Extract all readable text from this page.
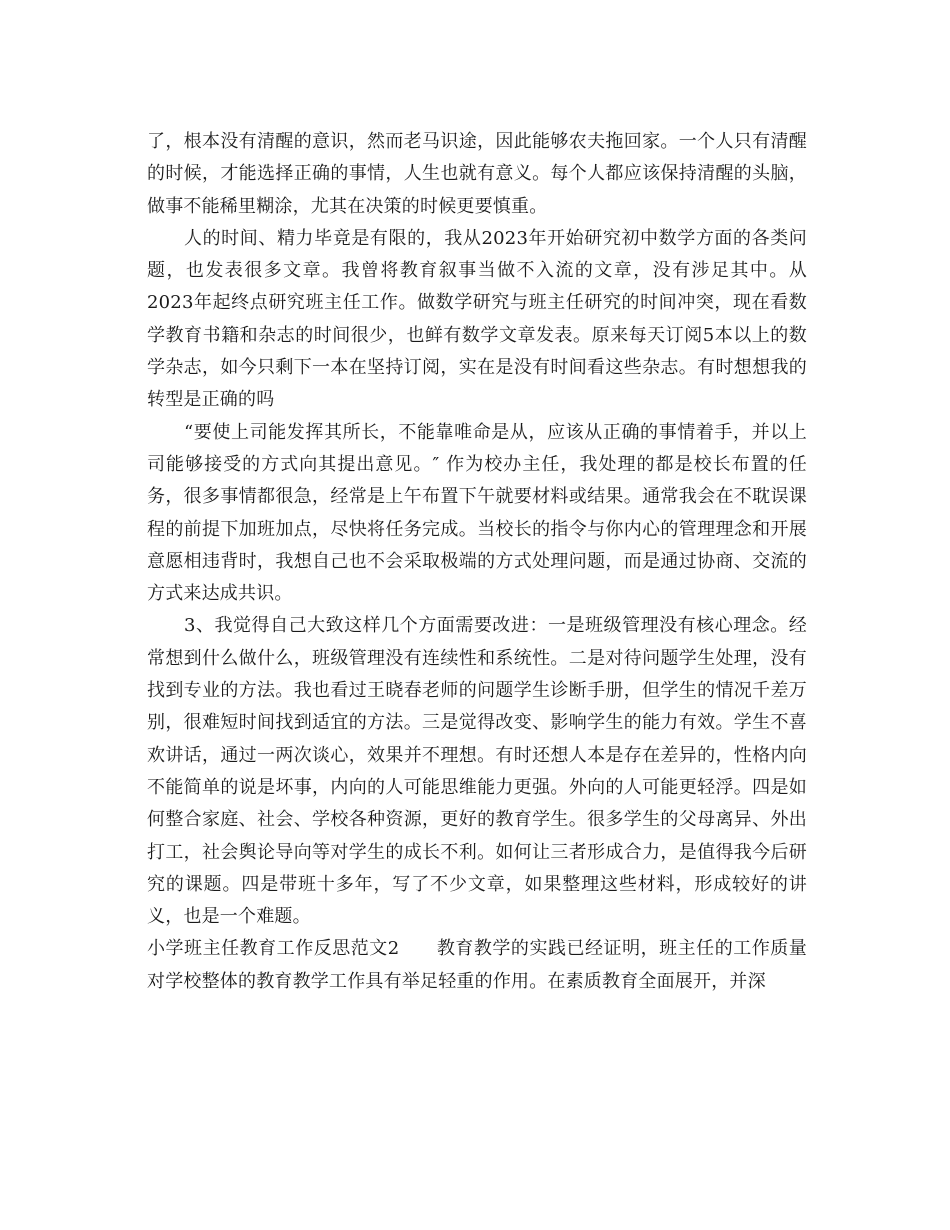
了，根本没有清醒的意识，然而老马识途，因此能够农夫拖回家。一个人只有清醒的时候，才能选择正确的事情，人生也就有意义。每个人都应该保持清醒的头脑，做事不能稀里糊涂，尤其在决策的时候更要慎重。

人的时间、精力毕竟是有限的，我从2023年开始研究初中数学方面的各类问题，也发表很多文章。我曾将教育叙事当做不入流的文章，没有涉足其中。从2023年起终点研究班主任工作。做数学研究与班主任研究的时间冲突，现在看数学教育书籍和杂志的时间很少，也鲜有数学文章发表。原来每天订阅5本以上的数学杂志，如今只剩下一本在坚持订阅，实在是没有时间看这些杂志。有时想想我的转型是正确的吗

“要使上司能发挥其所长，不能靠唯命是从，应该从正确的事情着手，并以上司能够接受的方式向其提出意见。″ 作为校办主任，我处理的都是校长布置的任务，很多事情都很急，经常是上午布置下午就要材料或结果。通常我会在不耽误课程的前提下加班加点，尽快将任务完成。当校长的指令与你内心的管理理念和开展意愿相违背时，我想自己也不会采取极端的方式处理问题，而是通过协商、交流的方式来达成共识。

3、我觉得自己大致这样几个方面需要改进：一是班级管理没有核心理念。经常想到什么做什么，班级管理没有连续性和系统性。二是对待问题学生处理，没有找到专业的方法。我也看过王晓春老师的问题学生诊断手册，但学生的情况千差万别，很难短时间找到适宜的方法。三是觉得改变、影响学生的能力有效。学生不喜欢讲话，通过一两次谈心，效果并不理想。有时还想人本是存在差异的，性格内向不能简单的说是坏事，内向的人可能思维能力更强。外向的人可能更轻浮。四是如何整合家庭、社会、学校各种资源，更好的教育学生。很多学生的父母离异、外出打工，社会舆论导向等对学生的成长不利。如何让三者形成合力，是值得我今后研究的课题。四是带班十多年，写了不少文章，如果整理这些材料，形成较好的讲义，也是一个难题。

小学班主任教育工作反思范文2　　教育教学的实践已经证明，班主任的工作质量对学校整体的教育教学工作具有举足轻重的作用。在素质教育全面展开，并深
